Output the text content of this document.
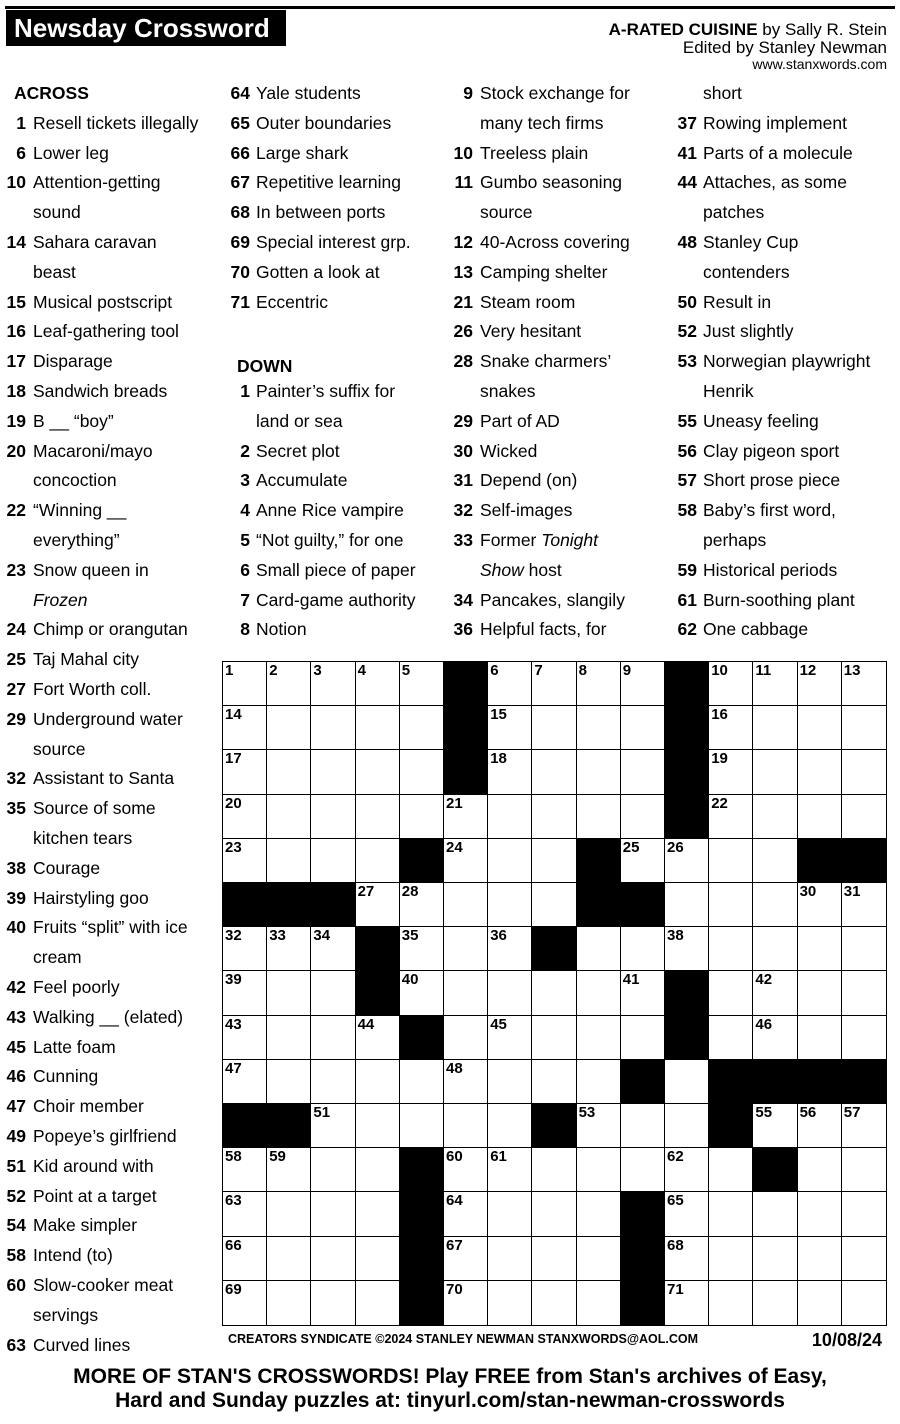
Newsday Crossword	A-RATED CUISINE by Sally R. Stein
Edited by Stanley Newman
www.stanxwords.com
ACROSS
DOWN
1 Resell tickets illegally
6 Lower leg
10 Attention-getting
sound
14 Sahara caravan
beast
15 Musical postscript
16 Leaf-gathering tool
17 Disparage
18 Sandwich breads
19 B __ “boy”
20 Macaroni/mayo
concoction
22 “Winning __
everything”
23 Snow queen in
Frozen
24 Chimp or orangutan
25 Taj Mahal city
27 Fort Worth coll.
29 Underground water
source
32 Assistant to Santa
35 Source of some
kitchen tears
38 Courage
39 Hairstyling goo
40 Fruits “split” with ice
cream
42 Feel poorly
43 Walking __ (elated)
45 Latte foam
46 Cunning
47 Choir member
49 Popeye’s girlfriend
51 Kid around with
52 Point at a target
54 Make simpler
58 Intend (to)
60 Slow-cooker meat
servings
63 Curved lines
64 Yale students
65 Outer boundaries
66 Large shark
67 Repetitive learning
68 In between ports
69 Special interest grp.
70 Gotten a look at
71 Eccentric
1 Painter’s suffix for
land or sea
2 Secret plot
3 Accumulate
4 Anne Rice vampire
5 “Not guilty,” for one
6 Small piece of paper
7 Card-game authority
8 Notion
9 Stock exchange for
many tech firms
10 Treeless plain
11 Gumbo seasoning
source
12 40-Across covering
13 Camping shelter
21 Steam room
26 Very hesitant
28 Snake charmers’
snakes
29 Part of AD
30 Wicked
31 Depend (on)
32 Self-images
33 Former Tonight
Show host
34 Pancakes, slangily
36 Helpful facts, for
short
37 Rowing implement
41 Parts of a molecule
44 Attaches, as some
patches
48 Stanley Cup
contenders
50 Result in
52 Just slightly
53 Norwegian playwright
Henrik
55 Uneasy feeling
56 Clay pigeon sport
57 Short prose piece
58 Baby’s first word,
perhaps
59 Historical periods
61 Burn-soothing plant
62 One cabbage
1 2 3 4 5	6 7 8 9	10 11 12 13
14	15	16
17	18	19
20	21	22
23	24	25 26
27 28	30 31
32 33 34	35	36	38
39	40	41	42
43	44	45	46
47	48
51	53	55 56 57
58 59	60 61	62
63	64	65
66	67	68
69	70	71
CREATORS SYNDICATE ©2024 STANLEY NEWMAN STANXWORDS@AOL.COM	10/08/24
MORE OF STAN'S CROSSWORDS! Play FREE from Stan's archives of Easy,
Hard and Sunday puzzles at: tinyurl.com/stan-newman-crosswords
